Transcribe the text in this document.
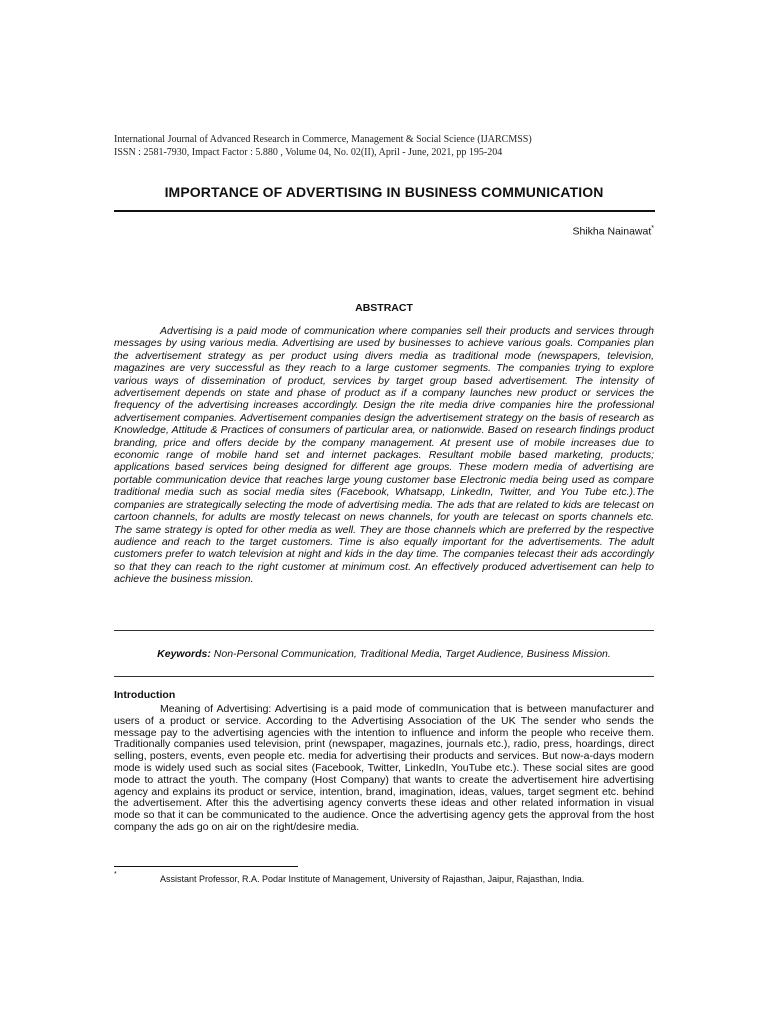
International Journal of Advanced Research in Commerce, Management & Social Science (IJARCMSS)
ISSN : 2581-7930, Impact Factor : 5.880 , Volume 04, No. 02(II), April - June, 2021, pp 195-204
IMPORTANCE OF ADVERTISING IN BUSINESS COMMUNICATION
Shikha Nainawat*
ABSTRACT

Advertising is a paid mode of communication where companies sell their products and services through messages by using various media. Advertising are used by businesses to achieve various goals. Companies plan the advertisement strategy as per product using divers media as traditional mode (newspapers, television, magazines are very successful as they reach to a large customer segments. The companies trying to explore various ways of dissemination of product, services by target group based advertisement. The intensity of advertisement depends on state and phase of product as if a company launches new product or services the frequency of the advertising increases accordingly. Design the rite media drive companies hire the professional advertisement companies. Advertisement companies design the advertisement strategy on the basis of research as Knowledge, Attitude & Practices of consumers of particular area, or nationwide. Based on research findings product branding, price and offers decide by the company management. At present use of mobile increases due to economic range of mobile hand set and internet packages. Resultant mobile based marketing, products; applications based services being designed for different age groups. These modern media of advertising are portable communication device that reaches large young customer base Electronic media being used as compare traditional media such as social media sites (Facebook, Whatsapp, LinkedIn, Twitter, and You Tube etc.).The companies are strategically selecting the mode of advertising media. The ads that are related to kids are telecast on cartoon channels, for adults are mostly telecast on news channels, for youth are telecast on sports channels etc. The same strategy is opted for other media as well. They are those channels which are preferred by the respective audience and reach to the target customers. Time is also equally important for the advertisements. The adult customers prefer to watch television at night and kids in the day time. The companies telecast their ads accordingly so that they can reach to the right customer at minimum cost. An effectively produced advertisement can help to achieve the business mission.

Keywords: Non-Personal Communication, Traditional Media, Target Audience, Business Mission.
Introduction

Meaning of Advertising: Advertising is a paid mode of communication that is between manufacturer and users of a product or service. According to the Advertising Association of the UK The sender who sends the message pay to the advertising agencies with the intention to influence and inform the people who receive them. Traditionally companies used television, print (newspaper, magazines, journals etc.), radio, press, hoardings, direct selling, posters, events, even people etc. media for advertising their products and services. But now-a-days modern mode is widely used such as social sites (Facebook, Twitter, LinkedIn, YouTube etc.). These social sites are good mode to attract the youth. The company (Host Company) that wants to create the advertisement hire advertising agency and explains its product or service, intention, brand, imagination, ideas, values, target segment etc. behind the advertisement. After this the advertising agency converts these ideas and other related information in visual mode so that it can be communicated to the audience. Once the advertising agency gets the approval from the host company the ads go on air on the right/desire media.

*	Assistant Professor, R.A. Podar Institute of Management, University of Rajasthan, Jaipur, Rajasthan, India.
